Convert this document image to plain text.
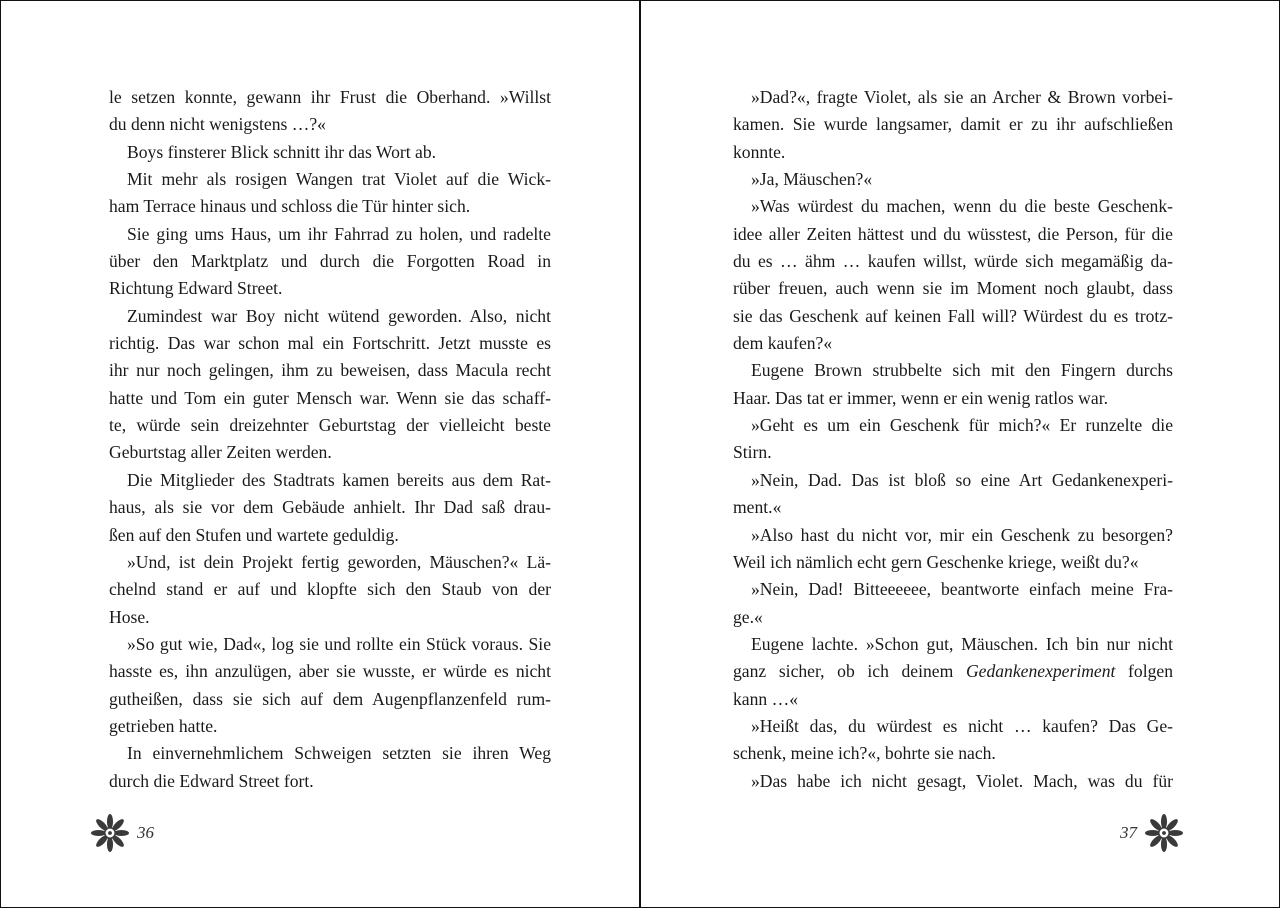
le setzen konnte, gewann ihr Frust die Oberhand. »Willst
du denn nicht wenigstens …?«
Boys finsterer Blick schnitt ihr das Wort ab.
Mit mehr als rosigen Wangen trat Violet auf die Wick-
ham Terrace hinaus und schloss die Tür hinter sich.
Sie ging ums Haus, um ihr Fahrrad zu holen, und radelte
über den Marktplatz und durch die Forgotten Road in
Richtung Edward Street.
Zumindest war Boy nicht wütend geworden. Also, nicht
richtig. Das war schon mal ein Fortschritt. Jetzt musste es
ihr nur noch gelingen, ihm zu beweisen, dass Macula recht
hatte und Tom ein guter Mensch war. Wenn sie das schaff-
te, würde sein dreizehnter Geburtstag der vielleicht beste
Geburtstag aller Zeiten werden.
Die Mitglieder des Stadtrats kamen bereits aus dem Rat-
haus, als sie vor dem Gebäude anhielt. Ihr Dad saß drau-
ßen auf den Stufen und wartete geduldig.
»Und, ist dein Projekt fertig geworden, Mäuschen?« Lä-
chelnd stand er auf und klopfte sich den Staub von der
Hose.
»So gut wie, Dad«, log sie und rollte ein Stück voraus. Sie
hasste es, ihn anzulügen, aber sie wusste, er würde es nicht
gutheißen, dass sie sich auf dem Augenpflanzenfeld rum-
getrieben hatte.
In einvernehmlichem Schweigen setzten sie ihren Weg
durch die Edward Street fort.
36
»Dad?«, fragte Violet, als sie an Archer & Brown vorbei-
kamen. Sie wurde langsamer, damit er zu ihr aufschließen
konnte.
»Ja, Mäuschen?«
»Was würdest du machen, wenn du die beste Geschenk-
idee aller Zeiten hättest und du wüsstest, die Person, für die
du es … ähm … kaufen willst, würde sich megamäßig da-
rüber freuen, auch wenn sie im Moment noch glaubt, dass
sie das Geschenk auf keinen Fall will? Würdest du es trotz-
dem kaufen?«
Eugene Brown strubbelte sich mit den Fingern durchs
Haar. Das tat er immer, wenn er ein wenig ratlos war.
»Geht es um ein Geschenk für mich?« Er runzelte die
Stirn.
»Nein, Dad. Das ist bloß so eine Art Gedankenexperi-
ment.«
»Also hast du nicht vor, mir ein Geschenk zu besorgen?
Weil ich nämlich echt gern Geschenke kriege, weißt du?«
»Nein, Dad! Bitteeeeee, beantworte einfach meine Fra-
ge.«
Eugene lachte. »Schon gut, Mäuschen. Ich bin nur nicht
ganz sicher, ob ich deinem Gedankenexperiment folgen
kann …«
»Heißt das, du würdest es nicht … kaufen? Das Ge-
schenk, meine ich?«, bohrte sie nach.
»Das habe ich nicht gesagt, Violet. Mach, was du für
37
